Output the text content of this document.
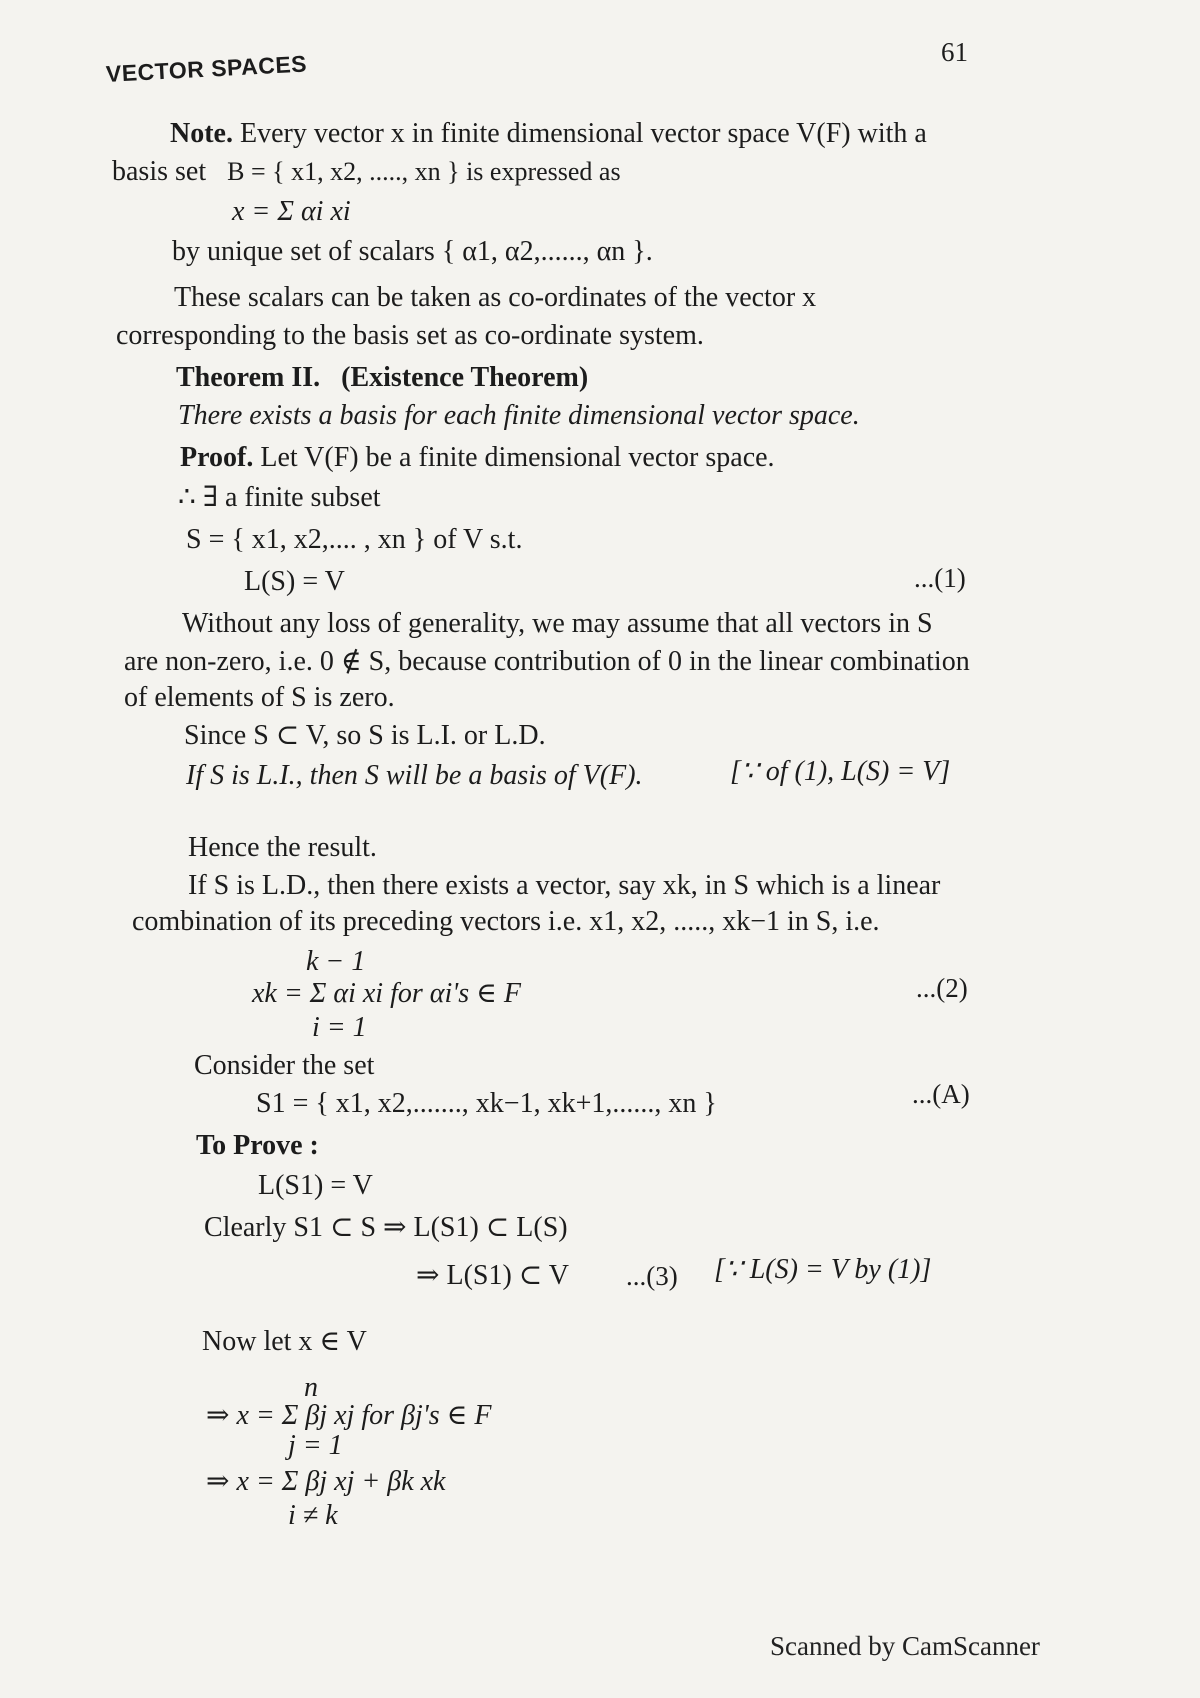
VECTOR SPACES	61
Note. Every vector x in finite dimensional vector space V(F) with a
basis set B = { x1, x2, ....., xn } is expressed as
x = Σ αi xi
by unique set of scalars { α1, α2,......, αn }.
These scalars can be taken as co-ordinates of the vector x
corresponding to the basis set as co-ordinate system.
Theorem II. (Existence Theorem)
There exists a basis for each finite dimensional vector space.
Proof. Let V(F) be a finite dimensional vector space.
∴ ∃ a finite subset
S = { x1, x2,.... , xn } of V s.t.
L(S) = V	...(1)
Without any loss of generality, we may assume that all vectors in S
are non-zero, i.e. 0 ∉ S, because contribution of 0 in the linear combination
of elements of S is zero.
Since S ⊂ V, so S is L.I. or L.D.
If S is L.I., then S will be a basis of V(F).	[∵ of (1), L(S) = V]
Hence the result.
If S is L.D., then there exists a vector, say xk, in S which is a linear
combination of its preceding vectors i.e. x1, x2, ....., xk−1 in S, i.e.
k − 1
xk = Σ αi xi for αi's ∈ F	...(2)
i = 1
Consider the set
S1 = { x1, x2,......., xk−1, xk+1,......, xn }	...(A)
To Prove :
L(S1) = V
Clearly S1 ⊂ S ⇒ L(S1) ⊂ L(S)
⇒ L(S1) ⊂ V ...(3) [∵ L(S) = V by (1)]
Now let x ∈ V
n
⇒ x = Σ βj xj for βj's ∈ F
j = 1
⇒ x = Σ βj xj + βk xk
i ≠ k
Scanned by CamScanner
